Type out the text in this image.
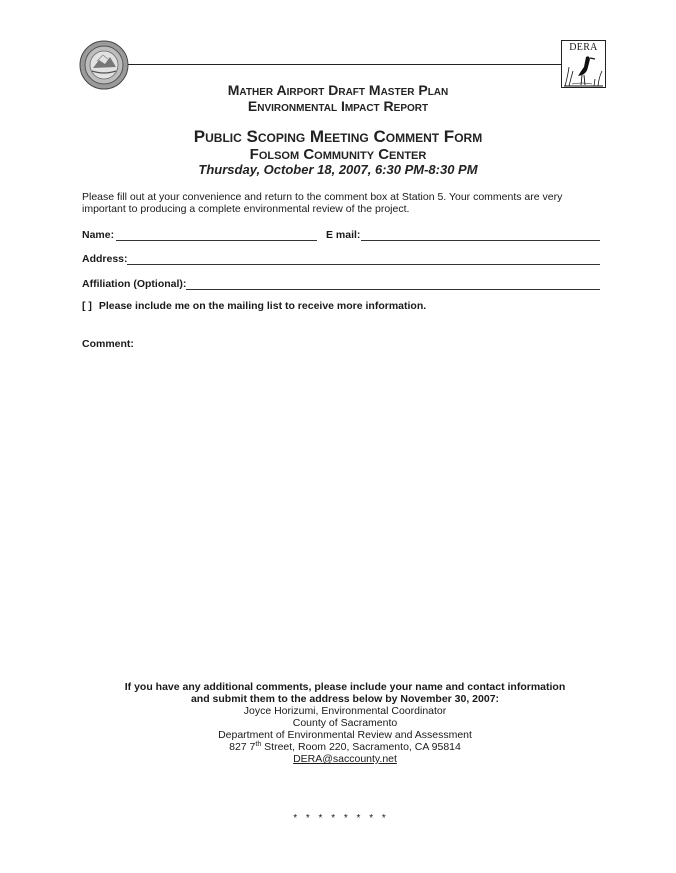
DERA
Mather Airport Draft Master Plan
Environmental Impact Report
Public Scoping Meeting Comment Form
Folsom Community Center
Thursday, October 18, 2007, 6:30 PM-8:30 PM
Please fill out at your convenience and return to the comment box at Station 5. Your comments are very important to producing a complete environmental review of the project.
Name:	E mail:
Address:
Affiliation (Optional):
[ ] Please include me on the mailing list to receive more information.
Comment:
If you have any additional comments, please include your name and contact information
and submit them to the address below by November 30, 2007:
Joyce Horizumi, Environmental Coordinator
County of Sacramento
Department of Environmental Review and Assessment
827 7th Street, Room 220, Sacramento, CA 95814
DERA@saccounty.net
* * * * * * * *
